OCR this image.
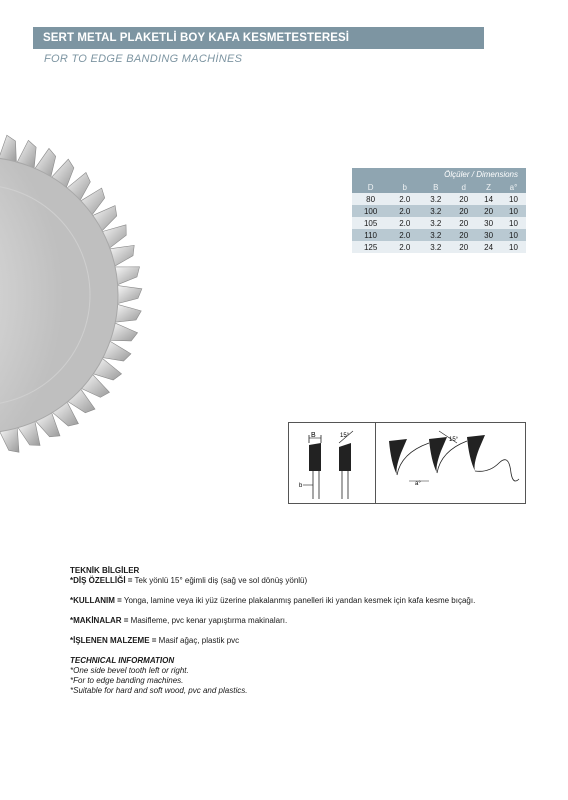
SERT METAL PLAKETLİ BOY KAFA KESMETESTERESİ
FOR TO EDGE BANDING MACHİNES
Ölçüler / Dimensions					
D	b	B	d	Z	a°
80	2.0	3.2	20	14	10
100	2.0	3.2	20	20	10
105	2.0	3.2	20	30	10
110	2.0	3.2	20	30	10
125	2.0	3.2	20	24	10
B
b
15°
15°
a°

TEKNİK BİLGİLER

*DİŞ ÖZELLİĞİ = Tek yönlü 15° eğimli diş (sağ ve sol dönüş yönlü)

*KULLANIM = Yonga, lamine veya iki yüz üzerine plakalanmış panelleri iki yandan kesmek için kafa kesme bıçağı.

*MAKİNALAR = Masifleme, pvc kenar yapıştırma makinaları.

*İŞLENEN MALZEME = Masif ağaç, plastik pvc

TECHNICAL INFORMATION

*One side bevel tooth left or right.

*For to edge banding machines.

*Suitable for hard and soft wood, pvc and plastics.
